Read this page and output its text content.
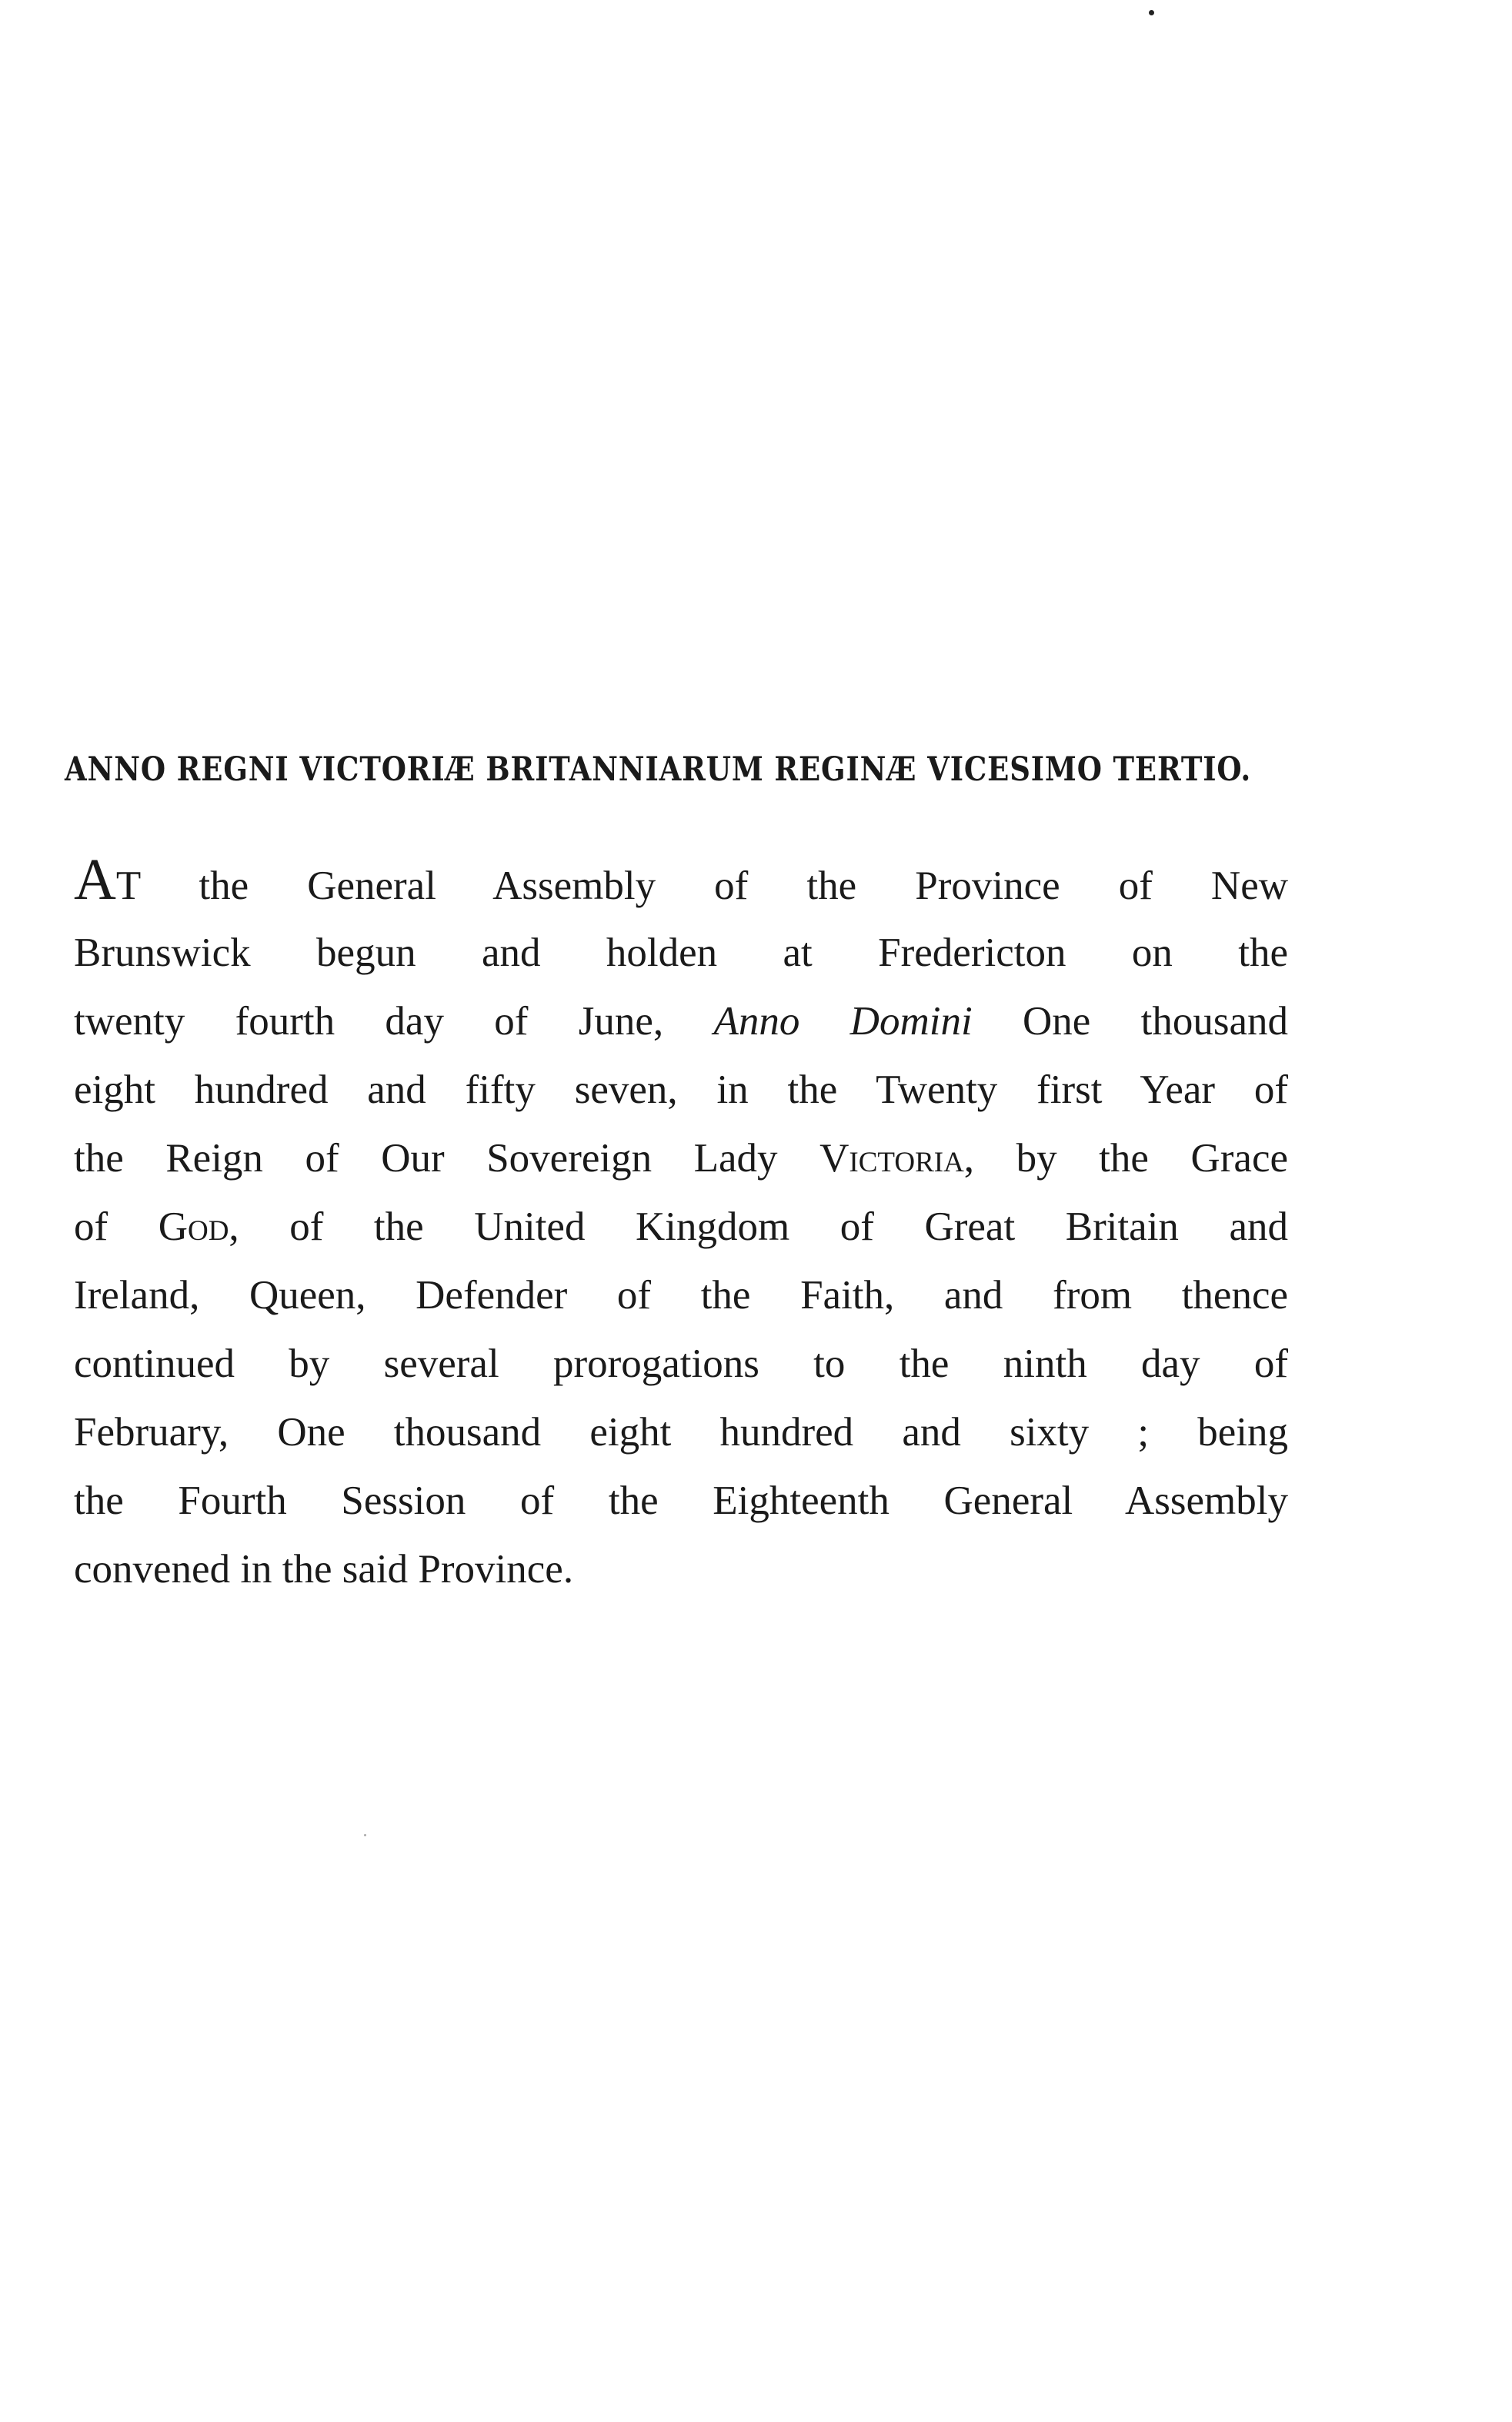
ANNO REGNI VICTORIÆ BRITANNIARUM REGINÆ VICESIMO TERTIO.
AT the General Assembly of the Province of New
Brunswick begun and holden at Fredericton on the
twenty fourth day of June, Anno Domini One thousand
eight hundred and fifty seven, in the Twenty first Year of
the Reign of Our Sovereign Lady Victoria, by the Grace
of God, of the United Kingdom of Great Britain and
Ireland, Queen, Defender of the Faith, and from thence
continued by several prorogations to the ninth day of
February, One thousand eight hundred and sixty ; being
the Fourth Session of the Eighteenth General Assembly
convened in the said Province.
